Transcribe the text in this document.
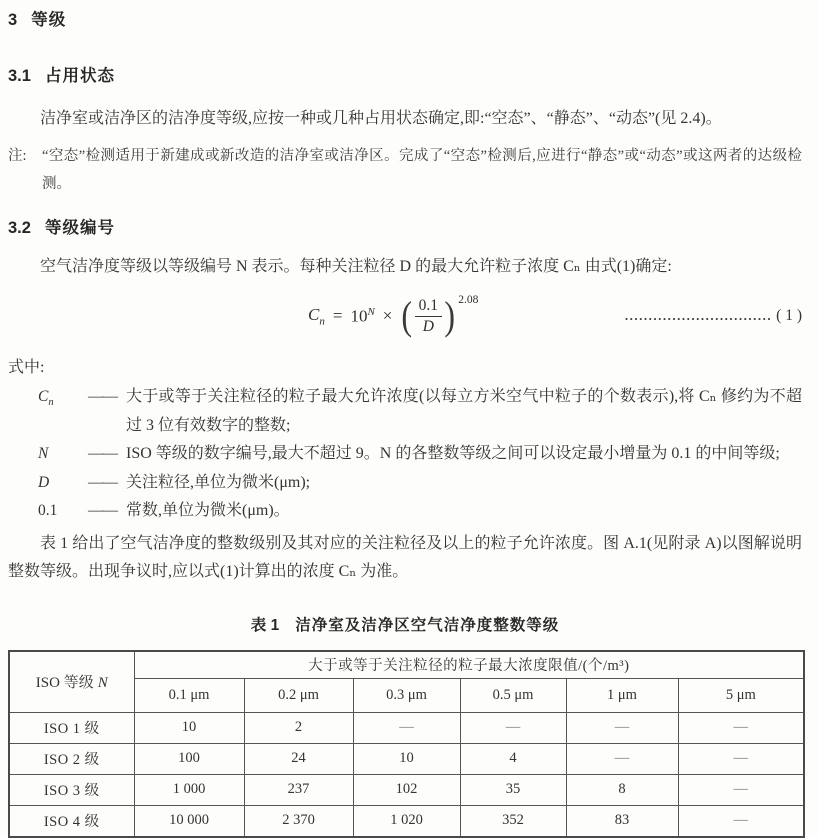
3 等级
3.1 占用状态

洁净室或洁净区的洁净度等级,应按一种或几种占用状态确定,即:“空态”、“静态”、“动态”(见 2.4)。

注:	“空态”检测适用于新建成或新改造的洁净室或洁净区。完成了“空态”检测后,应进行“静态”或“动态”或这两者的达级检测。
3.2 等级编号

空气洁净度等级以等级编号 N 表示。每种关注粒径 D 的最大允许粒子浓度 Cₙ 由式(1)确定:

$C_n = 10^N$ × ( $\frac{0.1}{D}$ ) $^{2.08}$
............................... ( 1 )

式中:

$C_n$	—— 大于或等于关注粒径的粒子最大允许浓度(以每立方米空气中粒子的个数表示),将 Cₙ 修约为不超过 3 位有效数字的整数;
N	—— ISO 等级的数字编号,最大不超过 9。N 的各整数等级之间可以设定最小增量为 0.1 的中间等级;
D	—— 关注粒径,单位为微米(μm);
0.1	—— 常数,单位为微米(μm)。

表 1 给出了空气洁净度的整数级别及其对应的关注粒径及以上的粒子允许浓度。图 A.1(见附录 A)以图解说明整数等级。出现争议时,应以式(1)计算出的浓度 Cₙ 为准。

表 1 洁净室及洁净区空气洁净度整数等级
ISO 等级 N	大于或等于关注粒径的粒子最大浓度限值/(个/m³)					
	0.1 μm	0.2 μm	0.3 μm	0.5 μm	1 μm	5 μm
ISO 1 级	10	2	—	—	—	—
ISO 2 级	100	24	10	4	—	—
ISO 3 级	1 000	237	102	35	8	—
ISO 4 级	10 000	2 370	1 020	352	83	—
